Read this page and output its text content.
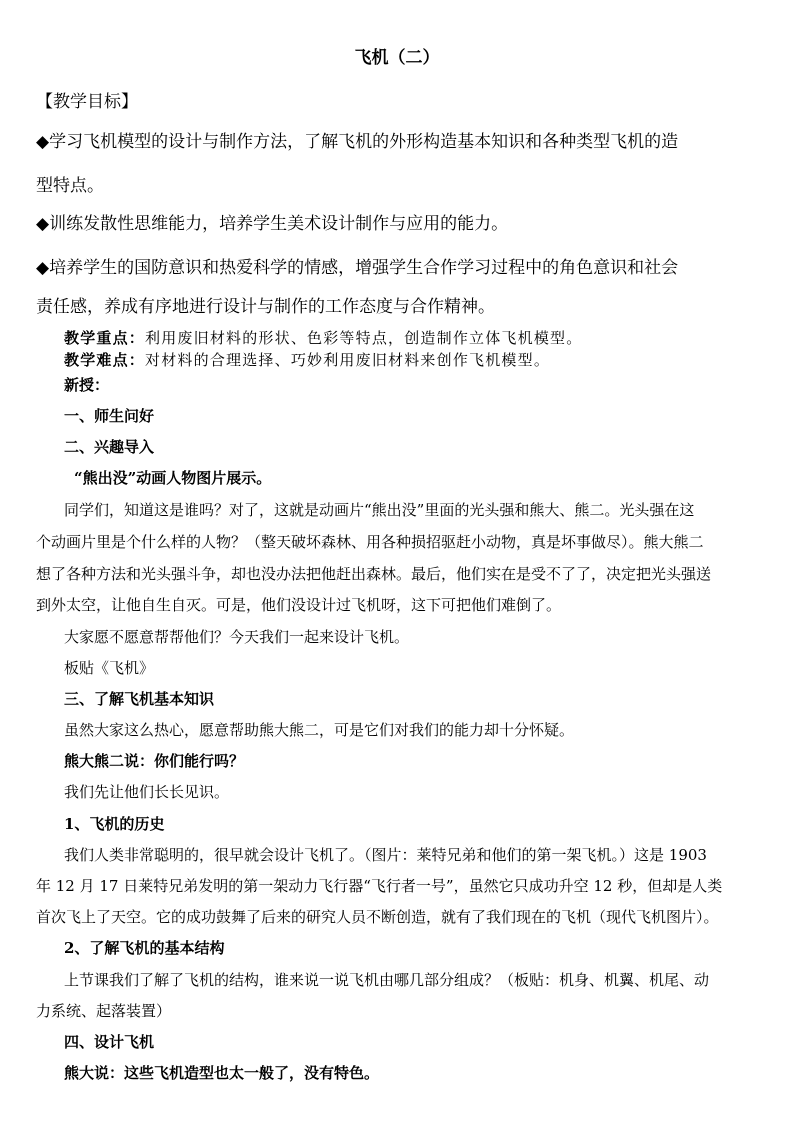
飞机（二）
【教学目标】
◆学习飞机模型的设计与制作方法，了解飞机的外形构造基本知识和各种类型飞机的造
型特点。
◆训练发散性思维能力，培养学生美术设计制作与应用的能力。
◆培养学生的国防意识和热爱科学的情感，增强学生合作学习过程中的角色意识和社会
责任感，养成有序地进行设计与制作的工作态度与合作精神。
教学重点：利用废旧材料的形状、色彩等特点，创造制作立体飞机模型。
教学难点：对材料的合理选择、巧妙利用废旧材料来创作飞机模型。
新授：
一、师生问好
二、兴趣导入
“熊出没”动画人物图片展示。
同学们，知道这是谁吗？对了，这就是动画片“熊出没”里面的光头强和熊大、熊二。光头强在这
个动画片里是个什么样的人物？（整天破坏森林、用各种损招驱赶小动物，真是坏事做尽）。熊大熊二
想了各种方法和光头强斗争，却也没办法把他赶出森林。最后，他们实在是受不了了，决定把光头强送
到外太空，让他自生自灭。可是，他们没设计过飞机呀，这下可把他们难倒了。
大家愿不愿意帮帮他们？今天我们一起来设计飞机。
板贴《飞机》
三、了解飞机基本知识
虽然大家这么热心，愿意帮助熊大熊二，可是它们对我们的能力却十分怀疑。
熊大熊二说：你们能行吗？
我们先让他们长长见识。
1、飞机的历史
我们人类非常聪明的，很早就会设计飞机了。（图片：莱特兄弟和他们的第一架飞机。）这是 1903
年 12 月 17 日莱特兄弟发明的第一架动力飞行器“飞行者一号”，虽然它只成功升空 12 秒，但却是人类
首次飞上了天空。它的成功鼓舞了后来的研究人员不断创造，就有了我们现在的飞机（现代飞机图片）。
2、了解飞机的基本结构
上节课我们了解了飞机的结构，谁来说一说飞机由哪几部分组成？（板贴：机身、机翼、机尾、动
力系统、起落装置）
四、设计飞机
熊大说：这些飞机造型也太一般了，没有特色。
